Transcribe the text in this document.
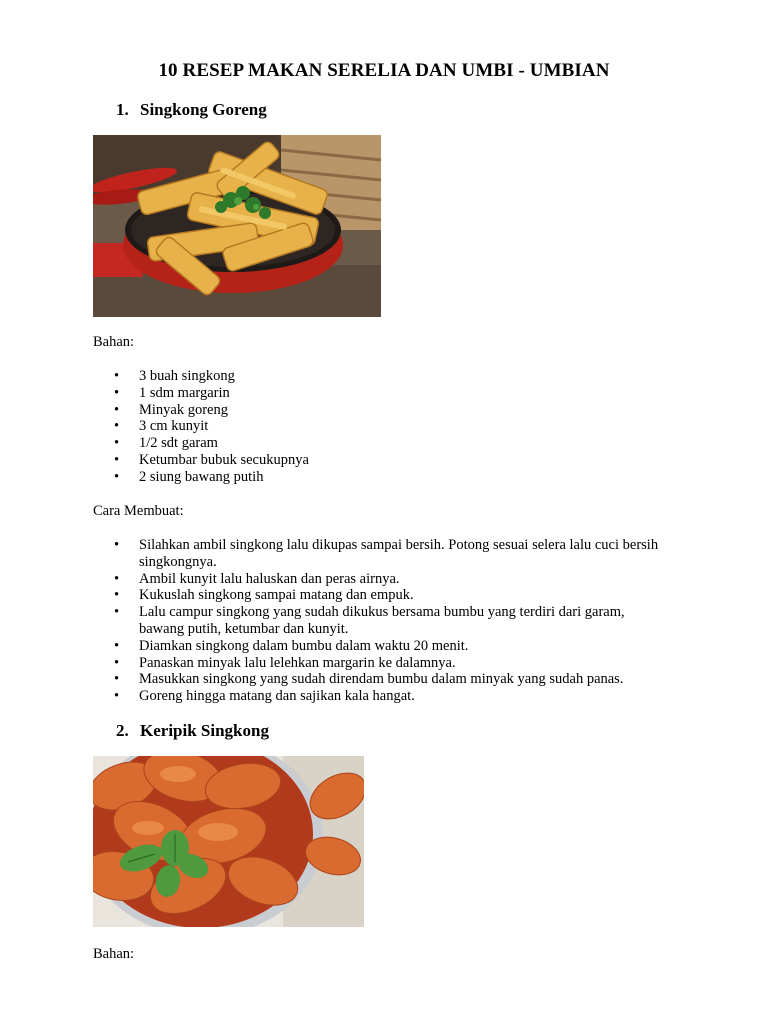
10 RESEP MAKAN SERELIA DAN UMBI - UMBIAN
1. Singkong Goreng
Bahan:
• 3 buah singkong
• 1 sdm margarin
• Minyak goreng
• 3 cm kunyit
• 1/2 sdt garam
• Ketumbar bubuk secukupnya
• 2 siung bawang putih
Cara Membuat:
• Silahkan ambil singkong lalu dikupas sampai bersih. Potong sesuai selera lalu cuci bersih singkongnya.
• Ambil kunyit lalu haluskan dan peras airnya.
• Kukuslah singkong sampai matang dan empuk.
• Lalu campur singkong yang sudah dikukus bersama bumbu yang terdiri dari garam, bawang putih, ketumbar dan kunyit.
• Diamkan singkong dalam bumbu dalam waktu 20 menit.
• Panaskan minyak lalu lelehkan margarin ke dalamnya.
• Masukkan singkong yang sudah direndam bumbu dalam minyak yang sudah panas.
• Goreng hingga matang dan sajikan kala hangat.
2. Keripik Singkong
Bahan:
